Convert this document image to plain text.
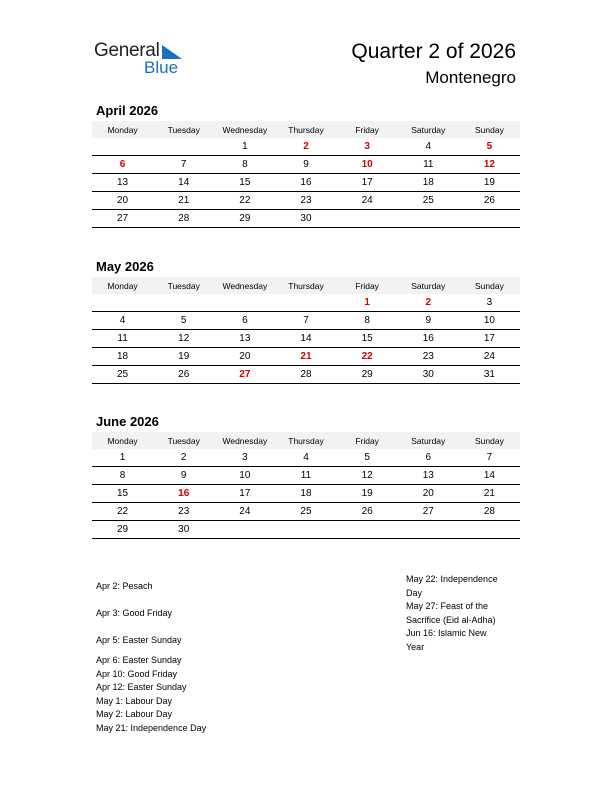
General
Blue
Quarter 2 of 2026
Montenegro
April 2026
Monday	Tuesday	Wednesday	Thursday	Friday	Saturday	Sunday
		1	2	3	4	5
6	7	8	9	10	11	12
13	14	15	16	17	18	19
20	21	22	23	24	25	26
27	28	29	30			
May 2026
Monday	Tuesday	Wednesday	Thursday	Friday	Saturday	Sunday
				1	2	3
4	5	6	7	8	9	10
11	12	13	14	15	16	17
18	19	20	21	22	23	24
25	26	27	28	29	30	31
June 2026
Monday	Tuesday	Wednesday	Thursday	Friday	Saturday	Sunday
1	2	3	4	5	6	7
8	9	10	11	12	13	14
15	16	17	18	19	20	21
22	23	24	25	26	27	28
29	30					
Apr 2: Pesach
Apr 3: Good Friday
Apr 5: Easter Sunday
Apr 6: Easter Sunday
Apr 10: Good Friday
Apr 12: Easter Sunday
May 1: Labour Day
May 2: Labour Day
May 21: Independence Day
May 22: Independence
Day
May 27: Feast of the
Sacrifice (Eid al-Adha)
Jun 16: Islamic New
Year
